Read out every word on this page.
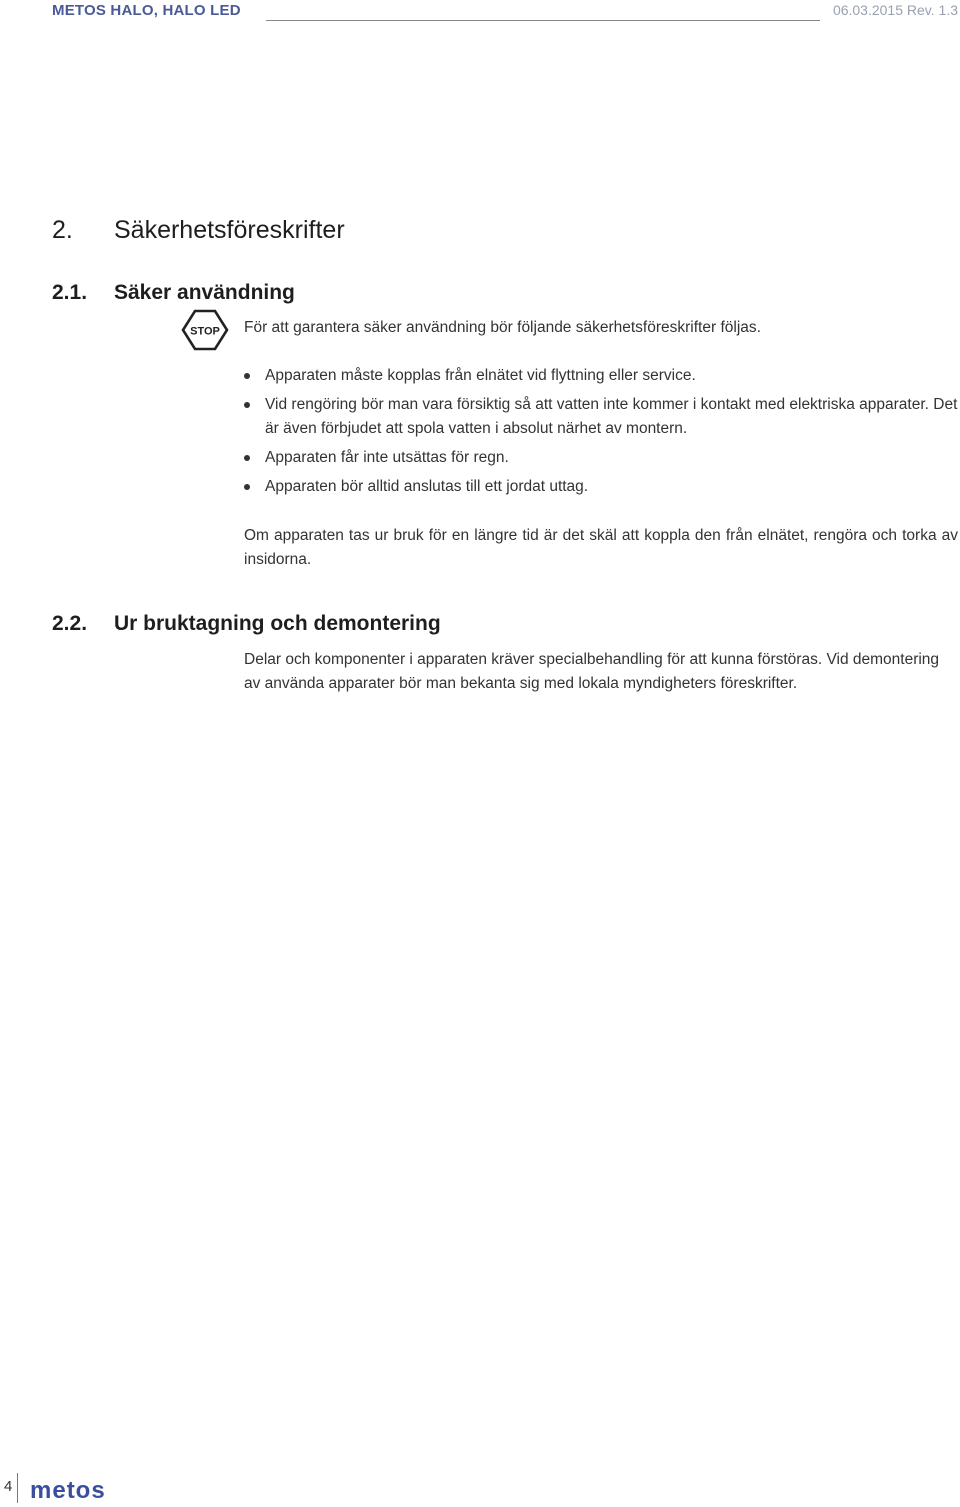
METOS HALO, HALO LED	06.03.2015 Rev. 1.3
2. Säkerhetsföreskrifter
2.1. Säker användning
STOP För att garantera säker användning bör följande säkerhetsföreskrifter följas.

Apparaten måste kopplas från elnätet vid flyttning eller service.
Vid rengöring bör man vara försiktig så att vatten inte kommer i kontakt med elektriska apparater. Det är även förbjudet att spola vatten i absolut närhet av montern.
Apparaten får inte utsättas för regn.
Apparaten bör alltid anslutas till ett jordat uttag.

Om apparaten tas ur bruk för en längre tid är det skäl att koppla den från elnätet, rengöra och torka av insidorna.

2.2. Ur bruktagning och demontering

Delar och komponenter i apparaten kräver specialbehandling för att kunna förstöras. Vid demontering av använda apparater bör man bekanta sig med lokala myndigheters föreskrifter.

4 metos
